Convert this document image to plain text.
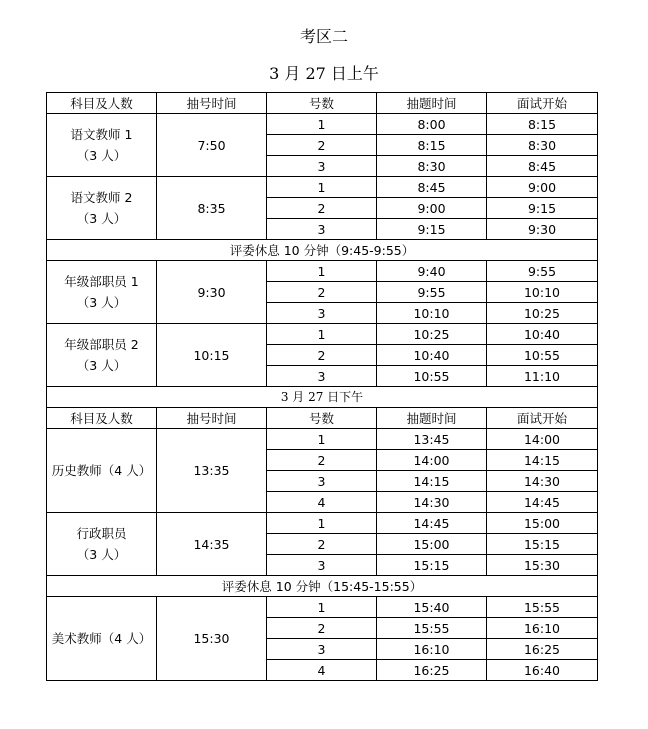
考区二
3 月 27 日上午
科目及人数	抽号时间	号数	抽题时间	面试开始

语文教师 1
（3 人）	7:50	1	8:00	8:15
		2	8:15	8:30
		3	8:30	8:45

语文教师 2
（3 人）	8:35	1	8:45	9:00
		2	9:00	9:15
		3	9:15	9:30
评委休息 10 分钟（9:45-9:55）				

年级部职员 1
（3 人）	9:30	1	9:40	9:55
		2	9:55	10:10
		3	10:10	10:25

年级部职员 2
（3 人）	10:15	1	10:25	10:40
		2	10:40	10:55
		3	10:55	11:10
3 月 27 日下午				
科目及人数	抽号时间	号数	抽题时间	面试开始

历史教师（4 人）	13:35	1	13:45	14:00
		2	14:00	14:15
		3	14:15	14:30
		4	14:30	14:45

行政职员
（3 人）	14:35	1	14:45	15:00
		2	15:00	15:15
		3	15:15	15:30
评委休息 10 分钟（15:45-15:55）				

美术教师（4 人）	15:30	1	15:40	15:55
		2	15:55	16:10
		3	16:10	16:25
		4	16:25	16:40
